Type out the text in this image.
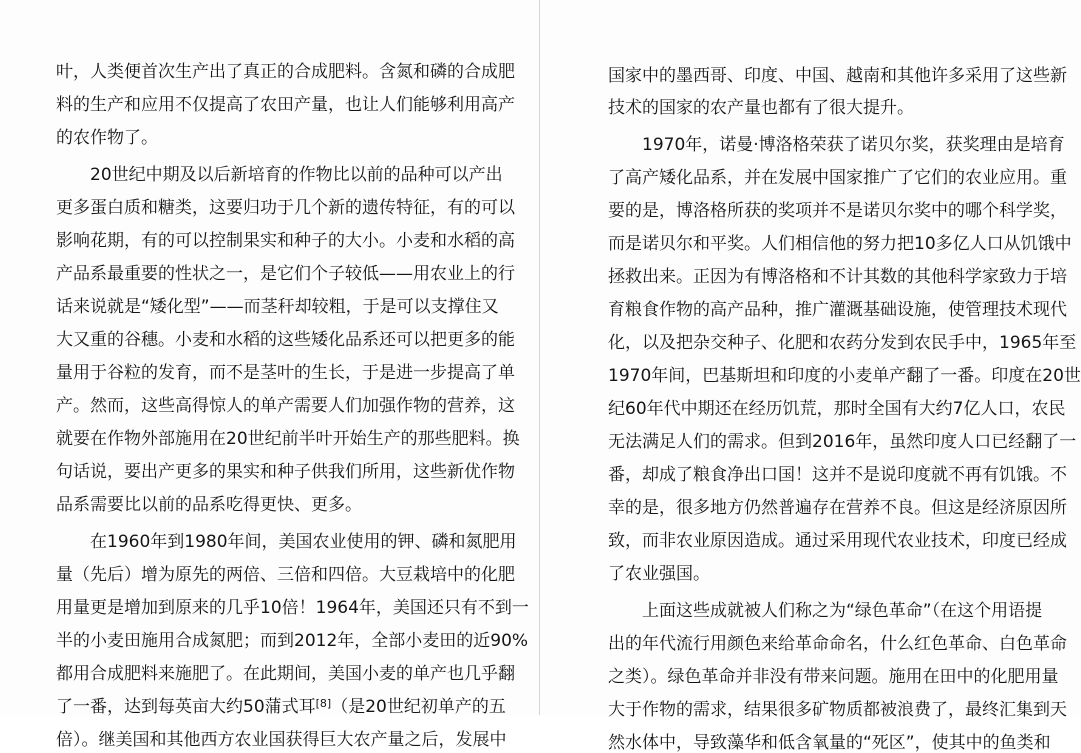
叶，人类便首次生产出了真正的合成肥料。含氮和磷的合成肥
料的生产和应用不仅提高了农田产量，也让人们能够利用高产
的农作物了。
20世纪中期及以后新培育的作物比以前的品种可以产出
更多蛋白质和糖类，这要归功于几个新的遗传特征，有的可以
影响花期，有的可以控制果实和种子的大小。小麦和水稻的高
产品系最重要的性状之一，是它们个子较低——用农业上的行
话来说就是“矮化型”——而茎秆却较粗，于是可以支撑住又
大又重的谷穗。小麦和水稻的这些矮化品系还可以把更多的能
量用于谷粒的发育，而不是茎叶的生长，于是进一步提高了单
产。然而，这些高得惊人的单产需要人们加强作物的营养，这
就要在作物外部施用在20世纪前半叶开始生产的那些肥料。换
句话说，要出产更多的果实和种子供我们所用，这些新优作物
品系需要比以前的品系吃得更快、更多。
在1960年到1980年间，美国农业使用的钾、磷和氮肥用
量（先后）增为原先的两倍、三倍和四倍。大豆栽培中的化肥
用量更是增加到原来的几乎10倍！1964年，美国还只有不到一
半的小麦田施用合成氮肥；而到2012年，全部小麦田的近90%
都用合成肥料来施肥了。在此期间，美国小麦的单产也几乎翻
了一番，达到每英亩大约50蒲式耳[8]（是20世纪初单产的五
倍）。继美国和其他西方农业国获得巨大农产量之后，发展中
国家中的墨西哥、印度、中国、越南和其他许多采用了这些新
技术的国家的农产量也都有了很大提升。
1970年，诺曼·博洛格荣获了诺贝尔奖，获奖理由是培育
了高产矮化品系，并在发展中国家推广了它们的农业应用。重
要的是，博洛格所获的奖项并不是诺贝尔奖中的哪个科学奖，
而是诺贝尔和平奖。人们相信他的努力把10多亿人口从饥饿中
拯救出来。正因为有博洛格和不计其数的其他科学家致力于培
育粮食作物的高产品种，推广灌溉基础设施，使管理技术现代
化，以及把杂交种子、化肥和农药分发到农民手中，1965年至
1970年间，巴基斯坦和印度的小麦单产翻了一番。印度在20世
纪60年代中期还在经历饥荒，那时全国有大约7亿人口，农民
无法满足人们的需求。但到2016年，虽然印度人口已经翻了一
番，却成了粮食净出口国！这并不是说印度就不再有饥饿。不
幸的是，很多地方仍然普遍存在营养不良。但这是经济原因所
致，而非农业原因造成。通过采用现代农业技术，印度已经成
了农业强国。
上面这些成就被人们称之为“绿色革命”（在这个用语提
出的年代流行用颜色来给革命命名，什么红色革命、白色革命
之类）。绿色革命并非没有带来问题。施用在田中的化肥用量
大于作物的需求，结果很多矿物质都被浪费了，最终汇集到天
然水体中，导致藻华和低含氧量的“死区”，使其中的鱼类和
